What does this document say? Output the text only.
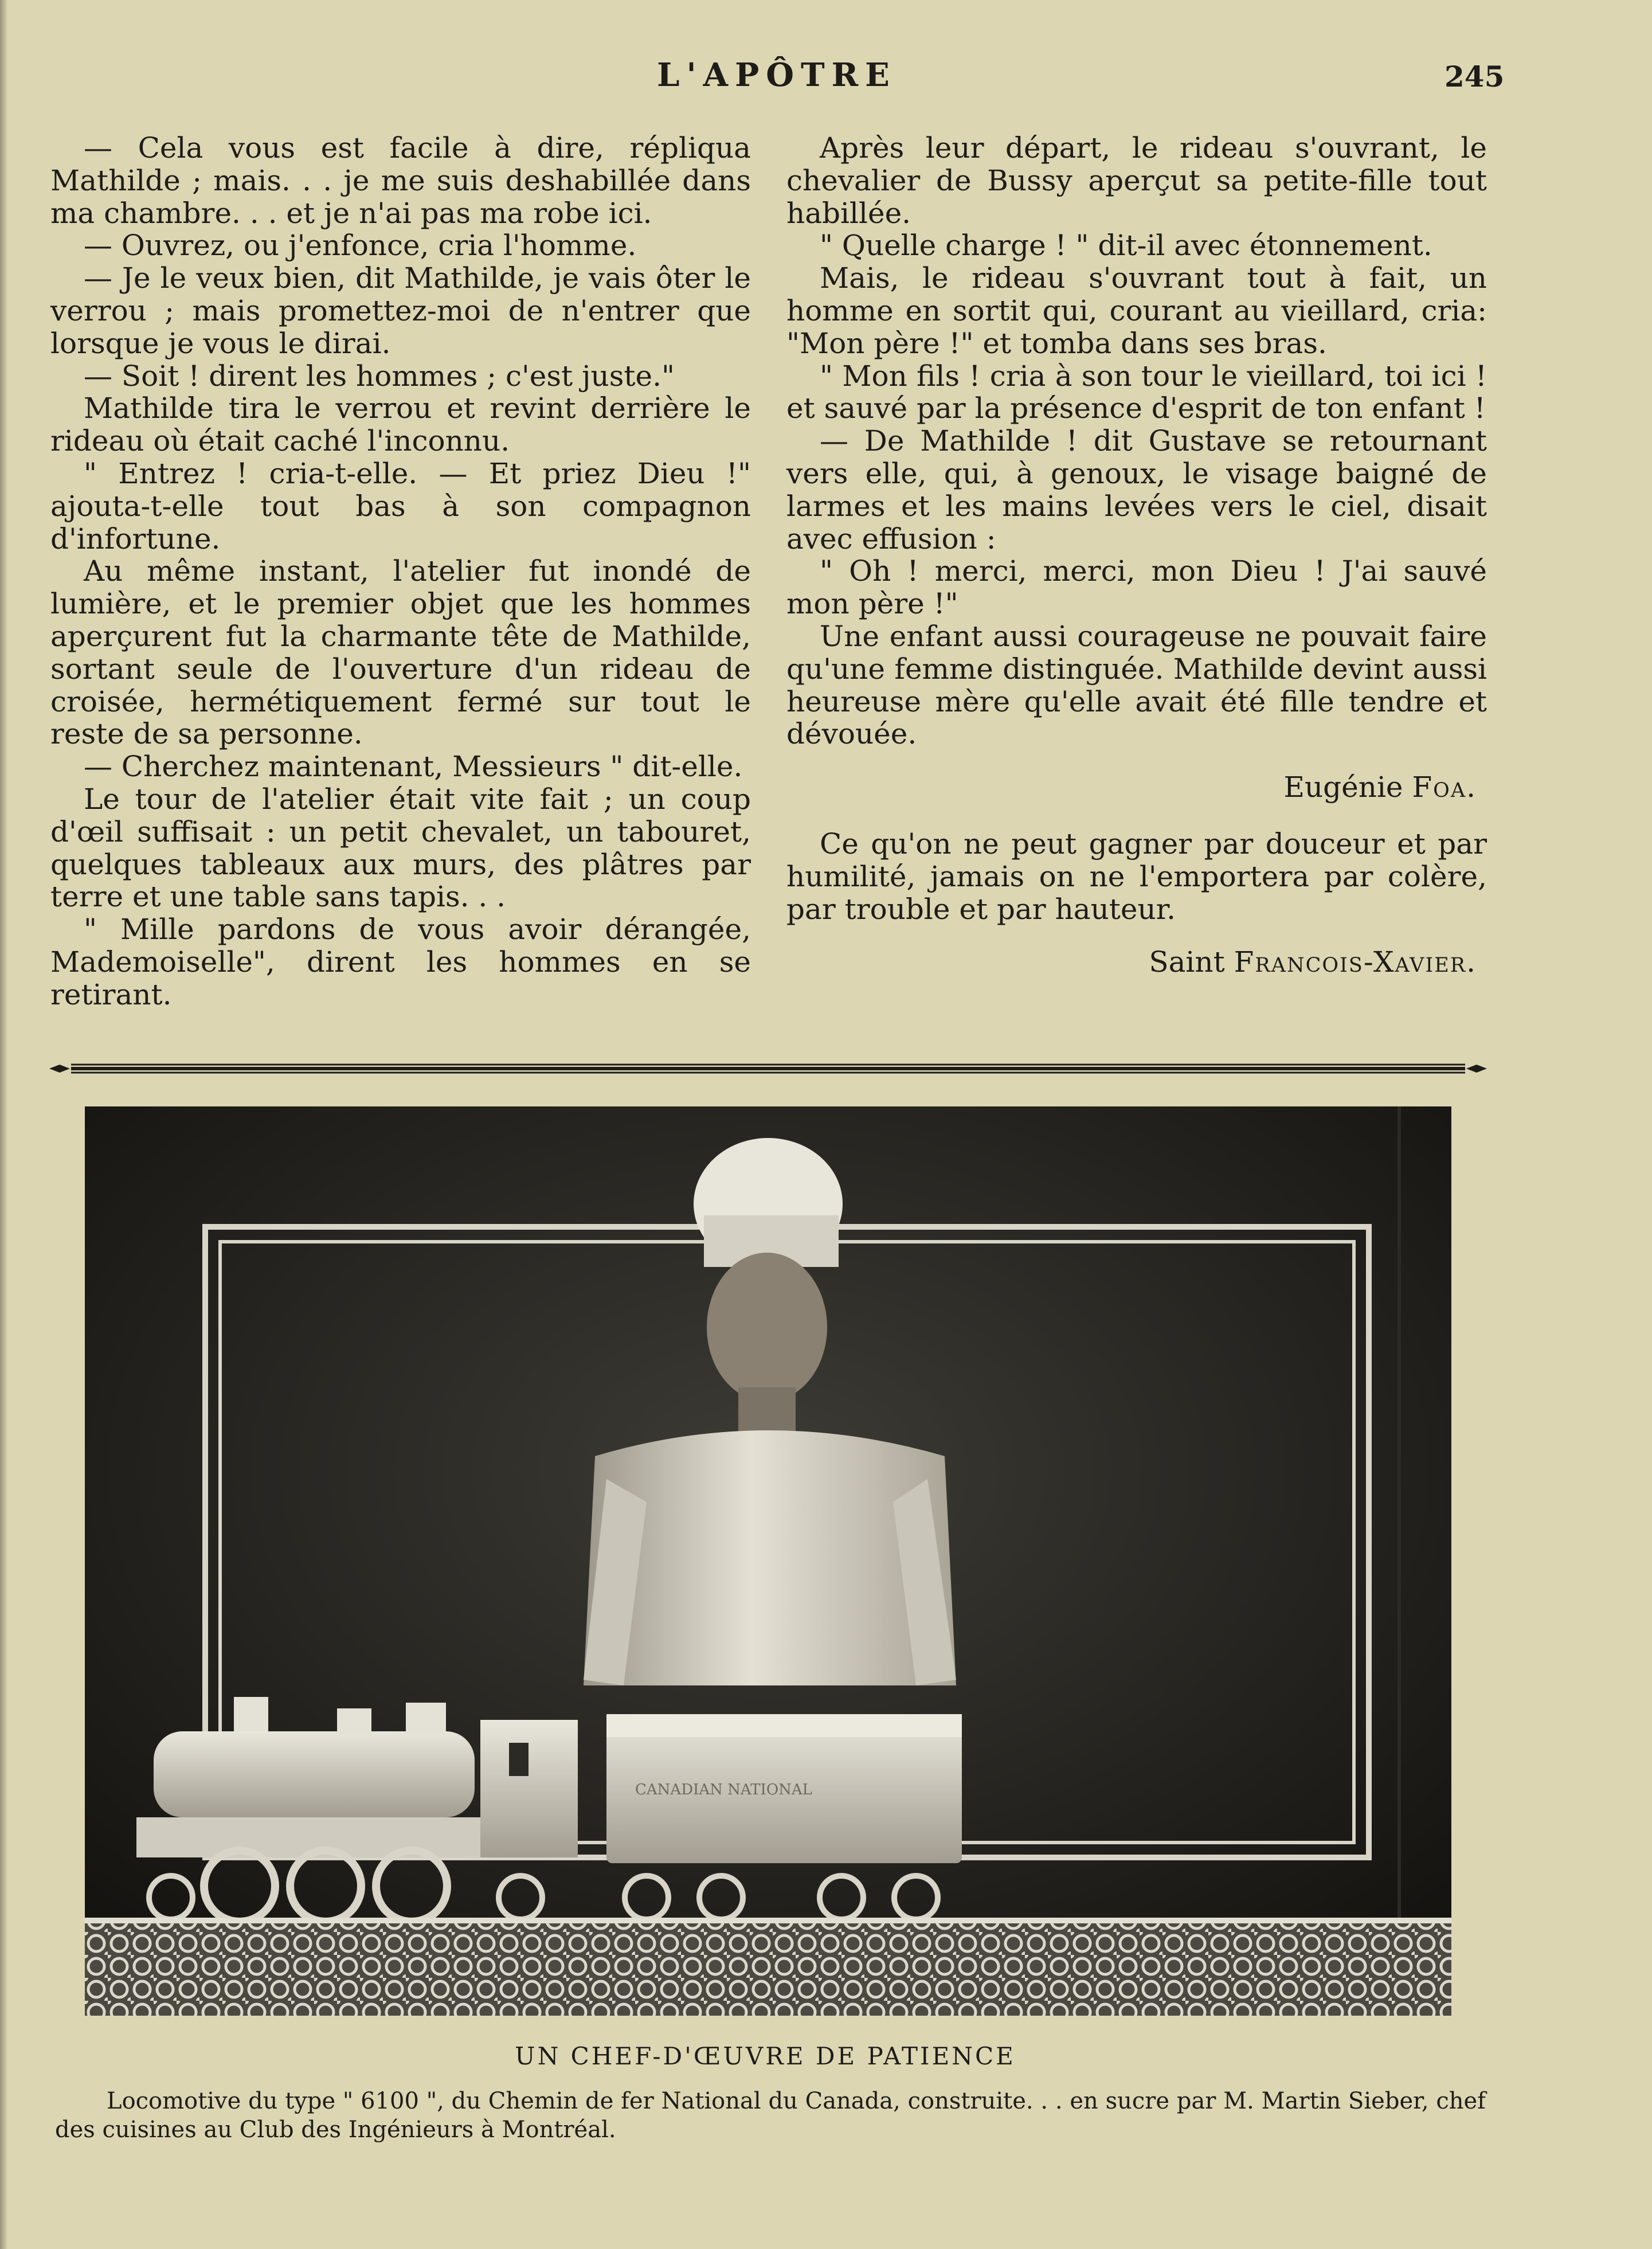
L'APÔTRE	245

— Cela vous est facile à dire, répliqua Mathilde ; mais. . . je me suis deshabillée dans ma chambre. . . et je n'ai pas ma robe ici.

— Ouvrez, ou j'enfonce, cria l'homme.

— Je le veux bien, dit Mathilde, je vais ôter le verrou ; mais promettez-moi de n'entrer que lorsque je vous le dirai.

— Soit ! dirent les hommes ; c'est juste."

Mathilde tira le verrou et revint derrière le rideau où était caché l'inconnu.

" Entrez ! cria-t-elle. — Et priez Dieu !" ajouta-t-elle tout bas à son compagnon d'infortune.

Au même instant, l'atelier fut inondé de lumière, et le premier objet que les hommes aperçurent fut la charmante tête de Mathilde, sortant seule de l'ouverture d'un rideau de croisée, hermétiquement fermé sur tout le reste de sa personne.

— Cherchez maintenant, Messieurs " dit-elle.

Le tour de l'atelier était vite fait ; un coup d'œil suffisait : un petit chevalet, un tabouret, quelques tableaux aux murs, des plâtres par terre et une table sans tapis. . .

" Mille pardons de vous avoir dérangée, Mademoiselle", dirent les hommes en se retirant.

Après leur départ, le rideau s'ouvrant, le chevalier de Bussy aperçut sa petite-fille tout habillée.

" Quelle charge ! " dit-il avec étonnement.

Mais, le rideau s'ouvrant tout à fait, un homme en sortit qui, courant au vieillard, cria: "Mon père !" et tomba dans ses bras.

" Mon fils ! cria à son tour le vieillard, toi ici ! et sauvé par la présence d'esprit de ton enfant !

— De Mathilde ! dit Gustave se retournant vers elle, qui, à genoux, le visage baigné de larmes et les mains levées vers le ciel, disait avec effusion :

" Oh ! merci, merci, mon Dieu ! J'ai sauvé mon père !"

Une enfant aussi courageuse ne pouvait faire qu'une femme distinguée. Mathilde devint aussi heureuse mère qu'elle avait été fille tendre et dévouée.

Eugénie Foa.

Ce qu'on ne peut gagner par douceur et par humilité, jamais on ne l'emportera par colère, par trouble et par hauteur.

Saint Francois-Xavier.

CANADIAN NATIONAL
UN CHEF-D'ŒUVRE DE PATIENCE
Locomotive du type " 6100 ", du Chemin de fer National du Canada, construite. . . en sucre par M. Martin Sieber, chef des cuisines au Club des Ingénieurs à Montréal.
